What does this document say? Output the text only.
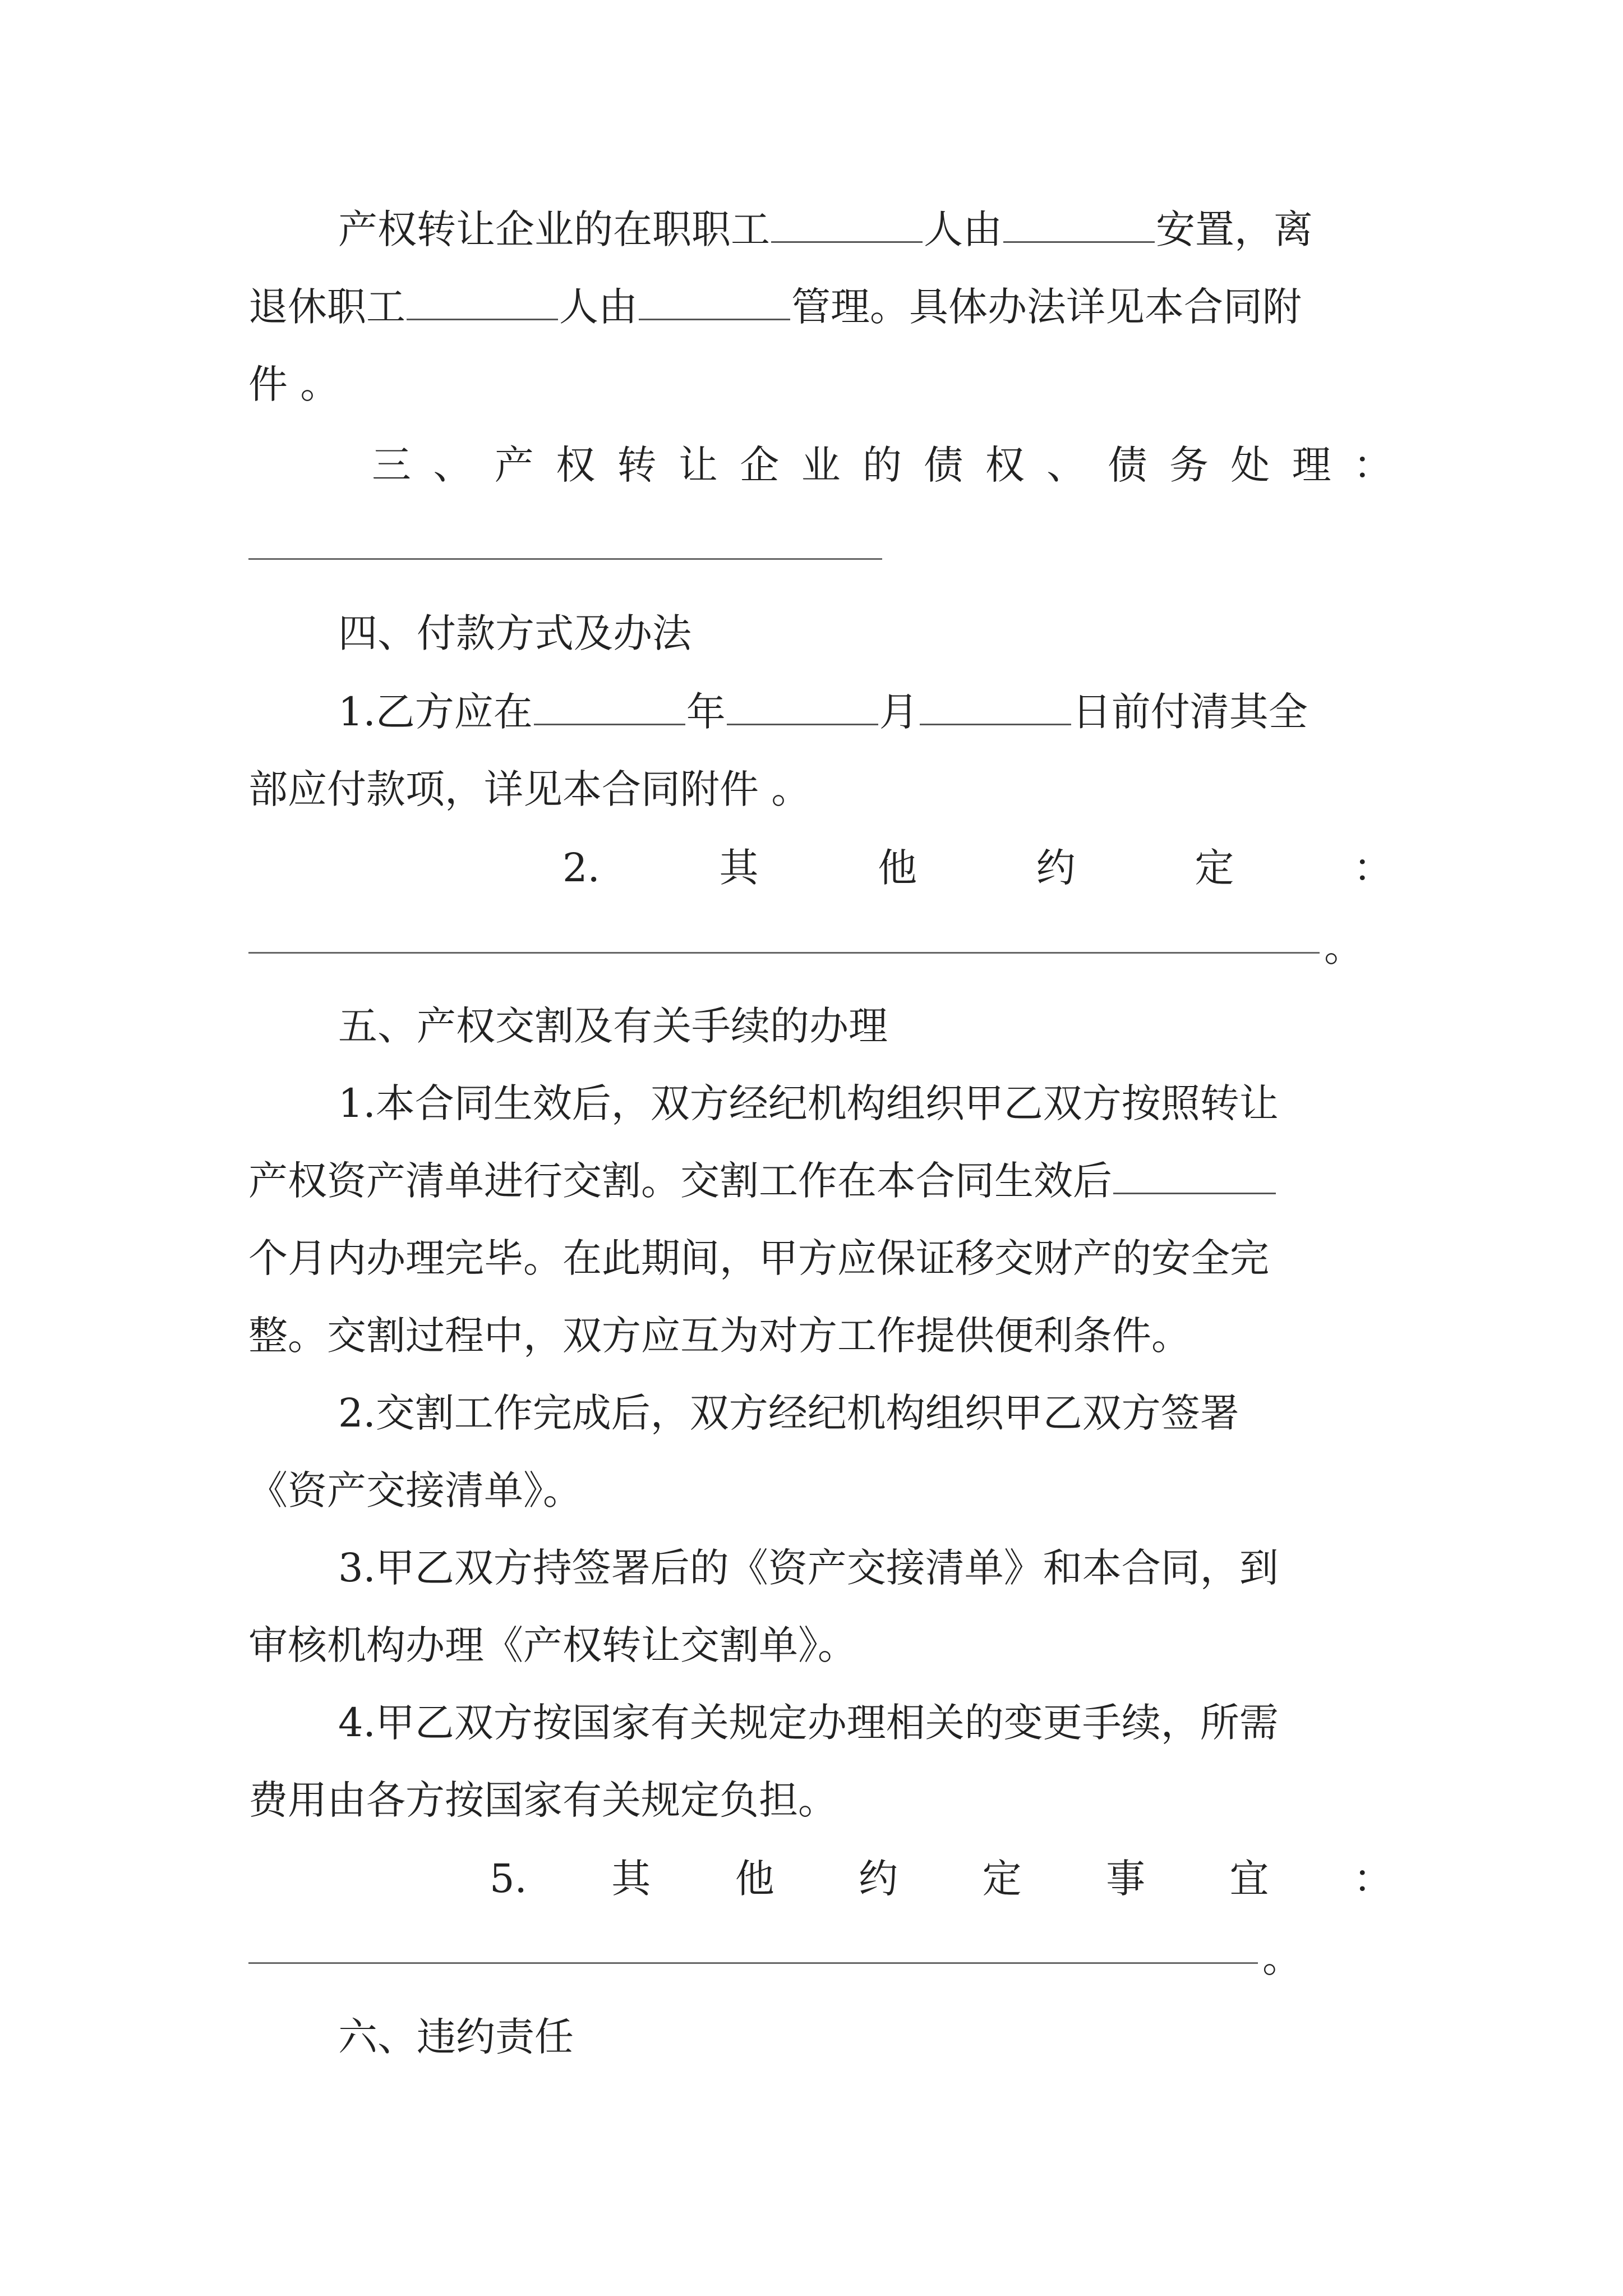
产权转让企业的在职职工	人由	安置，离
退休职工	人由	管理。具体办法详见本合同附
件 。
三 、 产 权 转 让 企 业 的 债 权 、 债 务 处 理 ：
四、付款方式及办法
1.乙方应在	年	月	日前付清其全
部应付款项，详见本合同附件 。
2.	其	他	约	定	：
。
五、产权交割及有关手续的办理
1.本合同生效后，双方经纪机构组织甲乙双方按照转让
产权资产清单进行交割。交割工作在本合同生效后
个月内办理完毕。在此期间，甲方应保证移交财产的安全完
整。交割过程中，双方应互为对方工作提供便利条件。
2.交割工作完成后，双方经纪机构组织甲乙双方签署
《资产交接清单》。
3.甲乙双方持签署后的《资产交接清单》和本合同，到
审核机构办理《产权转让交割单》。
4.甲乙双方按国家有关规定办理相关的变更手续，所需
费用由各方按国家有关规定负担。
5. 其 他 约 定 事 宜 ：
。
六、违约责任
